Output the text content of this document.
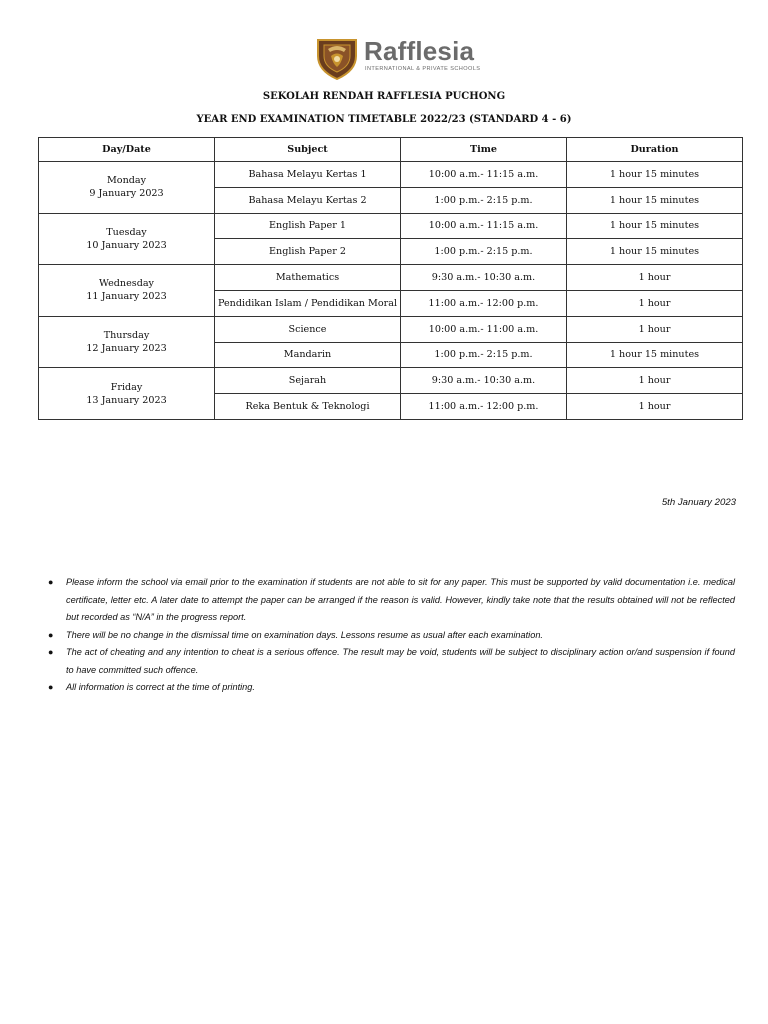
Rafflesia
INTERNATIONAL & PRIVATE SCHOOLS
SEKOLAH RENDAH RAFFLESIA PUCHONG
YEAR END EXAMINATION TIMETABLE 2022/23 (STANDARD 4 - 6)
Day/Date	Subject	Time	Duration

Monday
9 January 2023	Bahasa Melayu Kertas 1	10:00 a.m.- 11:15 a.m.	1 hour 15 minutes
	Bahasa Melayu Kertas 2	1:00 p.m.- 2:15 p.m.	1 hour 15 minutes

Tuesday
10 January 2023	English Paper 1	10:00 a.m.- 11:15 a.m.	1 hour 15 minutes
	English Paper 2	1:00 p.m.- 2:15 p.m.	1 hour 15 minutes

Wednesday
11 January 2023	Mathematics	9:30 a.m.- 10:30 a.m.	1 hour
	Pendidikan Islam / Pendidikan Moral	11:00 a.m.- 12:00 p.m.	1 hour

Thursday
12 January 2023	Science	10:00 a.m.- 11:00 a.m.	1 hour
	Mandarin	1:00 p.m.- 2:15 p.m.	1 hour 15 minutes

Friday
13 January 2023	Sejarah	9:30 a.m.- 10:30 a.m.	1 hour
	Reka Bentuk & Teknologi	11:00 a.m.- 12:00 p.m.	1 hour
5th January 2023
● Please inform the school via email prior to the examination if students are not able to sit for any paper. This must be supported by valid documentation i.e. medical certificate, letter etc. A later date to attempt the paper can be arranged if the reason is valid. However, kindly take note that the results obtained will not be reflected but recorded as “N/A” in the progress report.
● There will be no change in the dismissal time on examination days. Lessons resume as usual after each examination.
● The act of cheating and any intention to cheat is a serious offence. The result may be void, students will be subject to disciplinary action or/and suspension if found to have committed such offence.
● All information is correct at the time of printing.
